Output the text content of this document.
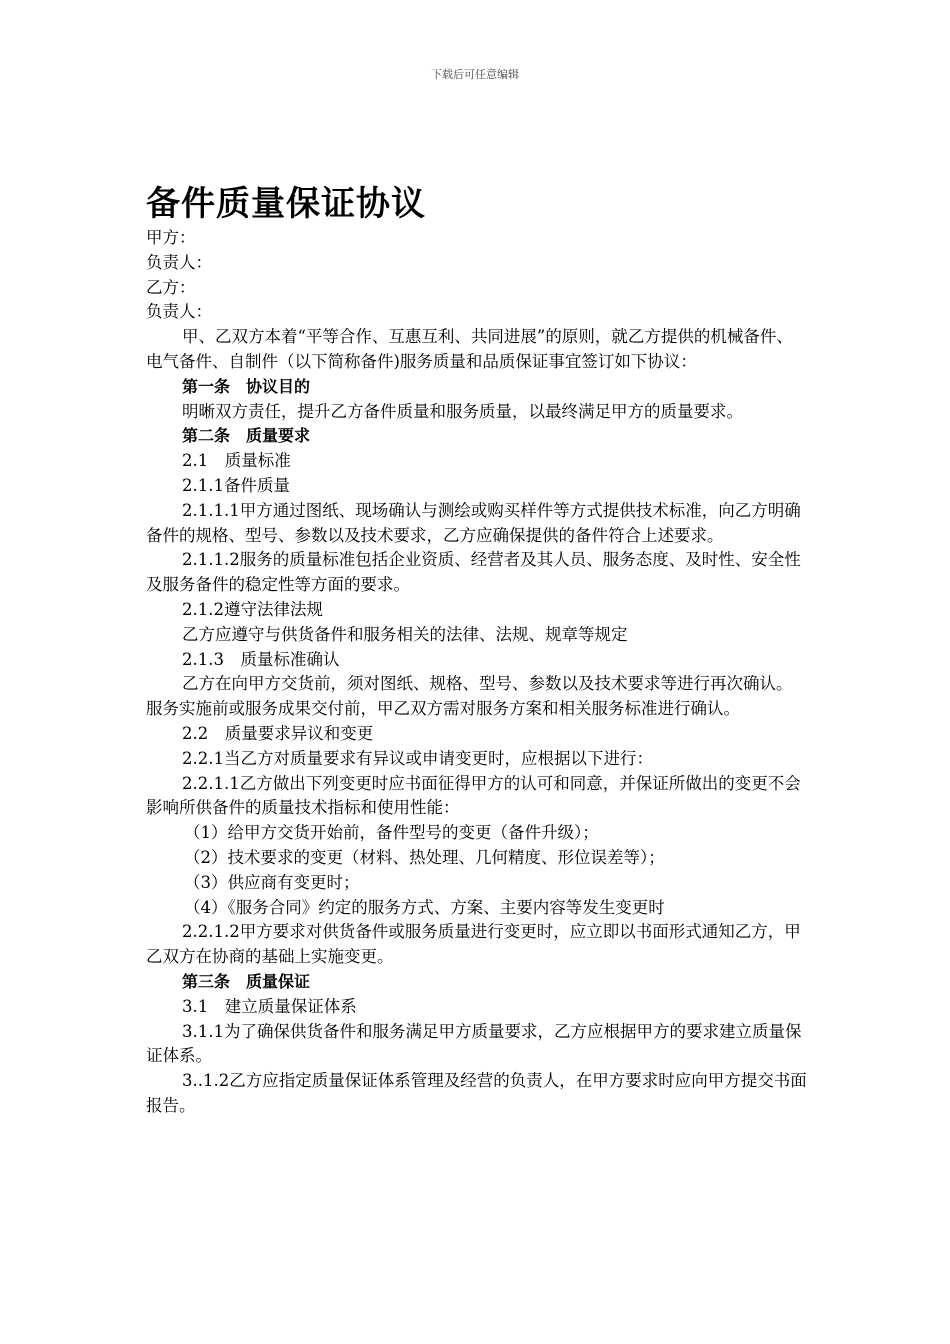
下载后可任意编辑
备件质量保证协议

甲方：

负责人：

乙方：

负责人：

甲、乙双方本着“平等合作、互惠互利、共同进展”的原则，就乙方提供的机械备件、电气备件、自制件（以下简称备件)服务质量和品质保证事宜签订如下协议：

第一条　协议目的

明晰双方责任，提升乙方备件质量和服务质量，以最终满足甲方的质量要求。

第二条　质量要求

2.1　质量标准

2.1.1备件质量

2.1.1.1甲方通过图纸、现场确认与测绘或购买样件等方式提供技术标准，向乙方明确备件的规格、型号、参数以及技术要求，乙方应确保提供的备件符合上述要求。

2.1.1.2服务的质量标准包括企业资质、经营者及其人员、服务态度、及时性、安全性及服务备件的稳定性等方面的要求。

2.1.2遵守法律法规

乙方应遵守与供货备件和服务相关的法律、法规、规章等规定

2.1.3　质量标准确认

乙方在向甲方交货前，须对图纸、规格、型号、参数以及技术要求等进行再次确认。服务实施前或服务成果交付前，甲乙双方需对服务方案和相关服务标准进行确认。

2.2　质量要求异议和变更

2.2.1当乙方对质量要求有异议或申请变更时，应根据以下进行：

2.2.1.1乙方做出下列变更时应书面征得甲方的认可和同意，并保证所做出的变更不会影响所供备件的质量技术指标和使用性能：

（1）给甲方交货开始前，备件型号的变更（备件升级）；

（2）技术要求的变更（材料、热处理、几何精度、形位误差等）；

（3）供应商有变更时；

（4）《服务合同》约定的服务方式、方案、主要内容等发生变更时

2.2.1.2甲方要求对供货备件或服务质量进行变更时，应立即以书面形式通知乙方，甲乙双方在协商的基础上实施变更。

第三条　质量保证

3.1　建立质量保证体系

3.1.1为了确保供货备件和服务满足甲方质量要求，乙方应根据甲方的要求建立质量保证体系。

3..1.2乙方应指定质量保证体系管理及经营的负责人，在甲方要求时应向甲方提交书面报告。
